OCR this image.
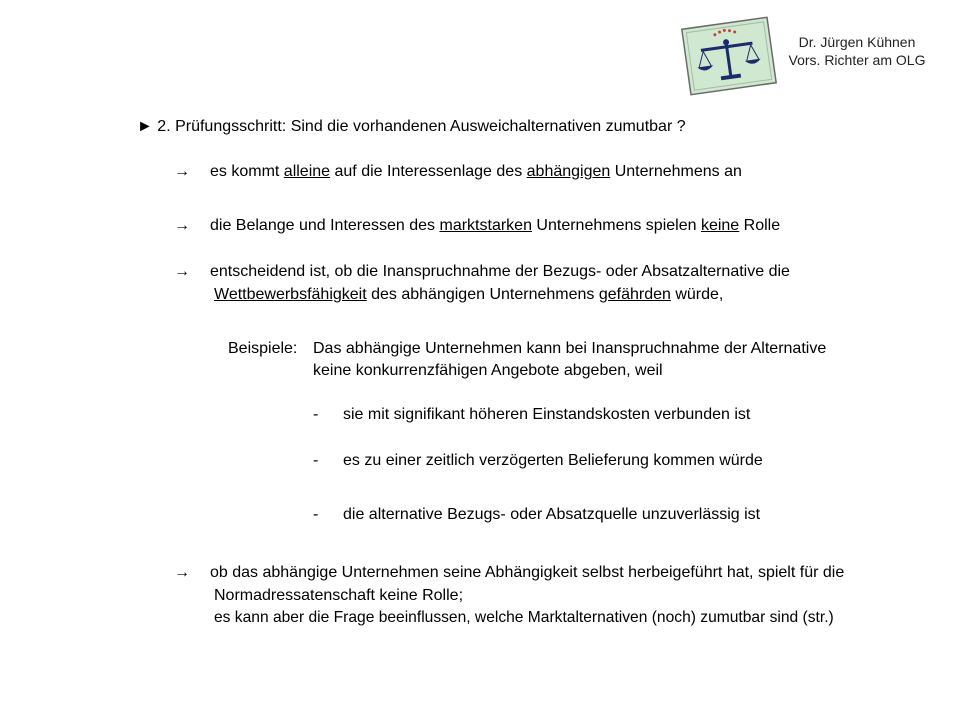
Dr. Jürgen Kühnen
Vors. Richter am OLG
► 2. Prüfungsschritt: Sind die vorhandenen Ausweichalternativen zumutbar ?
→ es kommt alleine auf die Interessenlage des abhängigen Unternehmens an
→ die Belange und Interessen des marktstarken Unternehmens spielen keine Rolle
→ entscheidend ist, ob die Inanspruchnahme der Bezugs- oder Absatzalternative die
Wettbewerbsfähigkeit des abhängigen Unternehmens gefährden würde,
Beispiele: Das abhängige Unternehmen kann bei Inanspruchnahme der Alternative
keine konkurrenzfähigen Angebote abgeben, weil
- sie mit signifikant höheren Einstandskosten verbunden ist
- es zu einer zeitlich verzögerten Belieferung kommen würde
- die alternative Bezugs- oder Absatzquelle unzuverlässig ist
→ ob das abhängige Unternehmen seine Abhängigkeit selbst herbeigeführt hat, spielt für die
Normadressatenschaft keine Rolle;
es kann aber die Frage beeinflussen, welche Marktalternativen (noch) zumutbar sind (str.)
